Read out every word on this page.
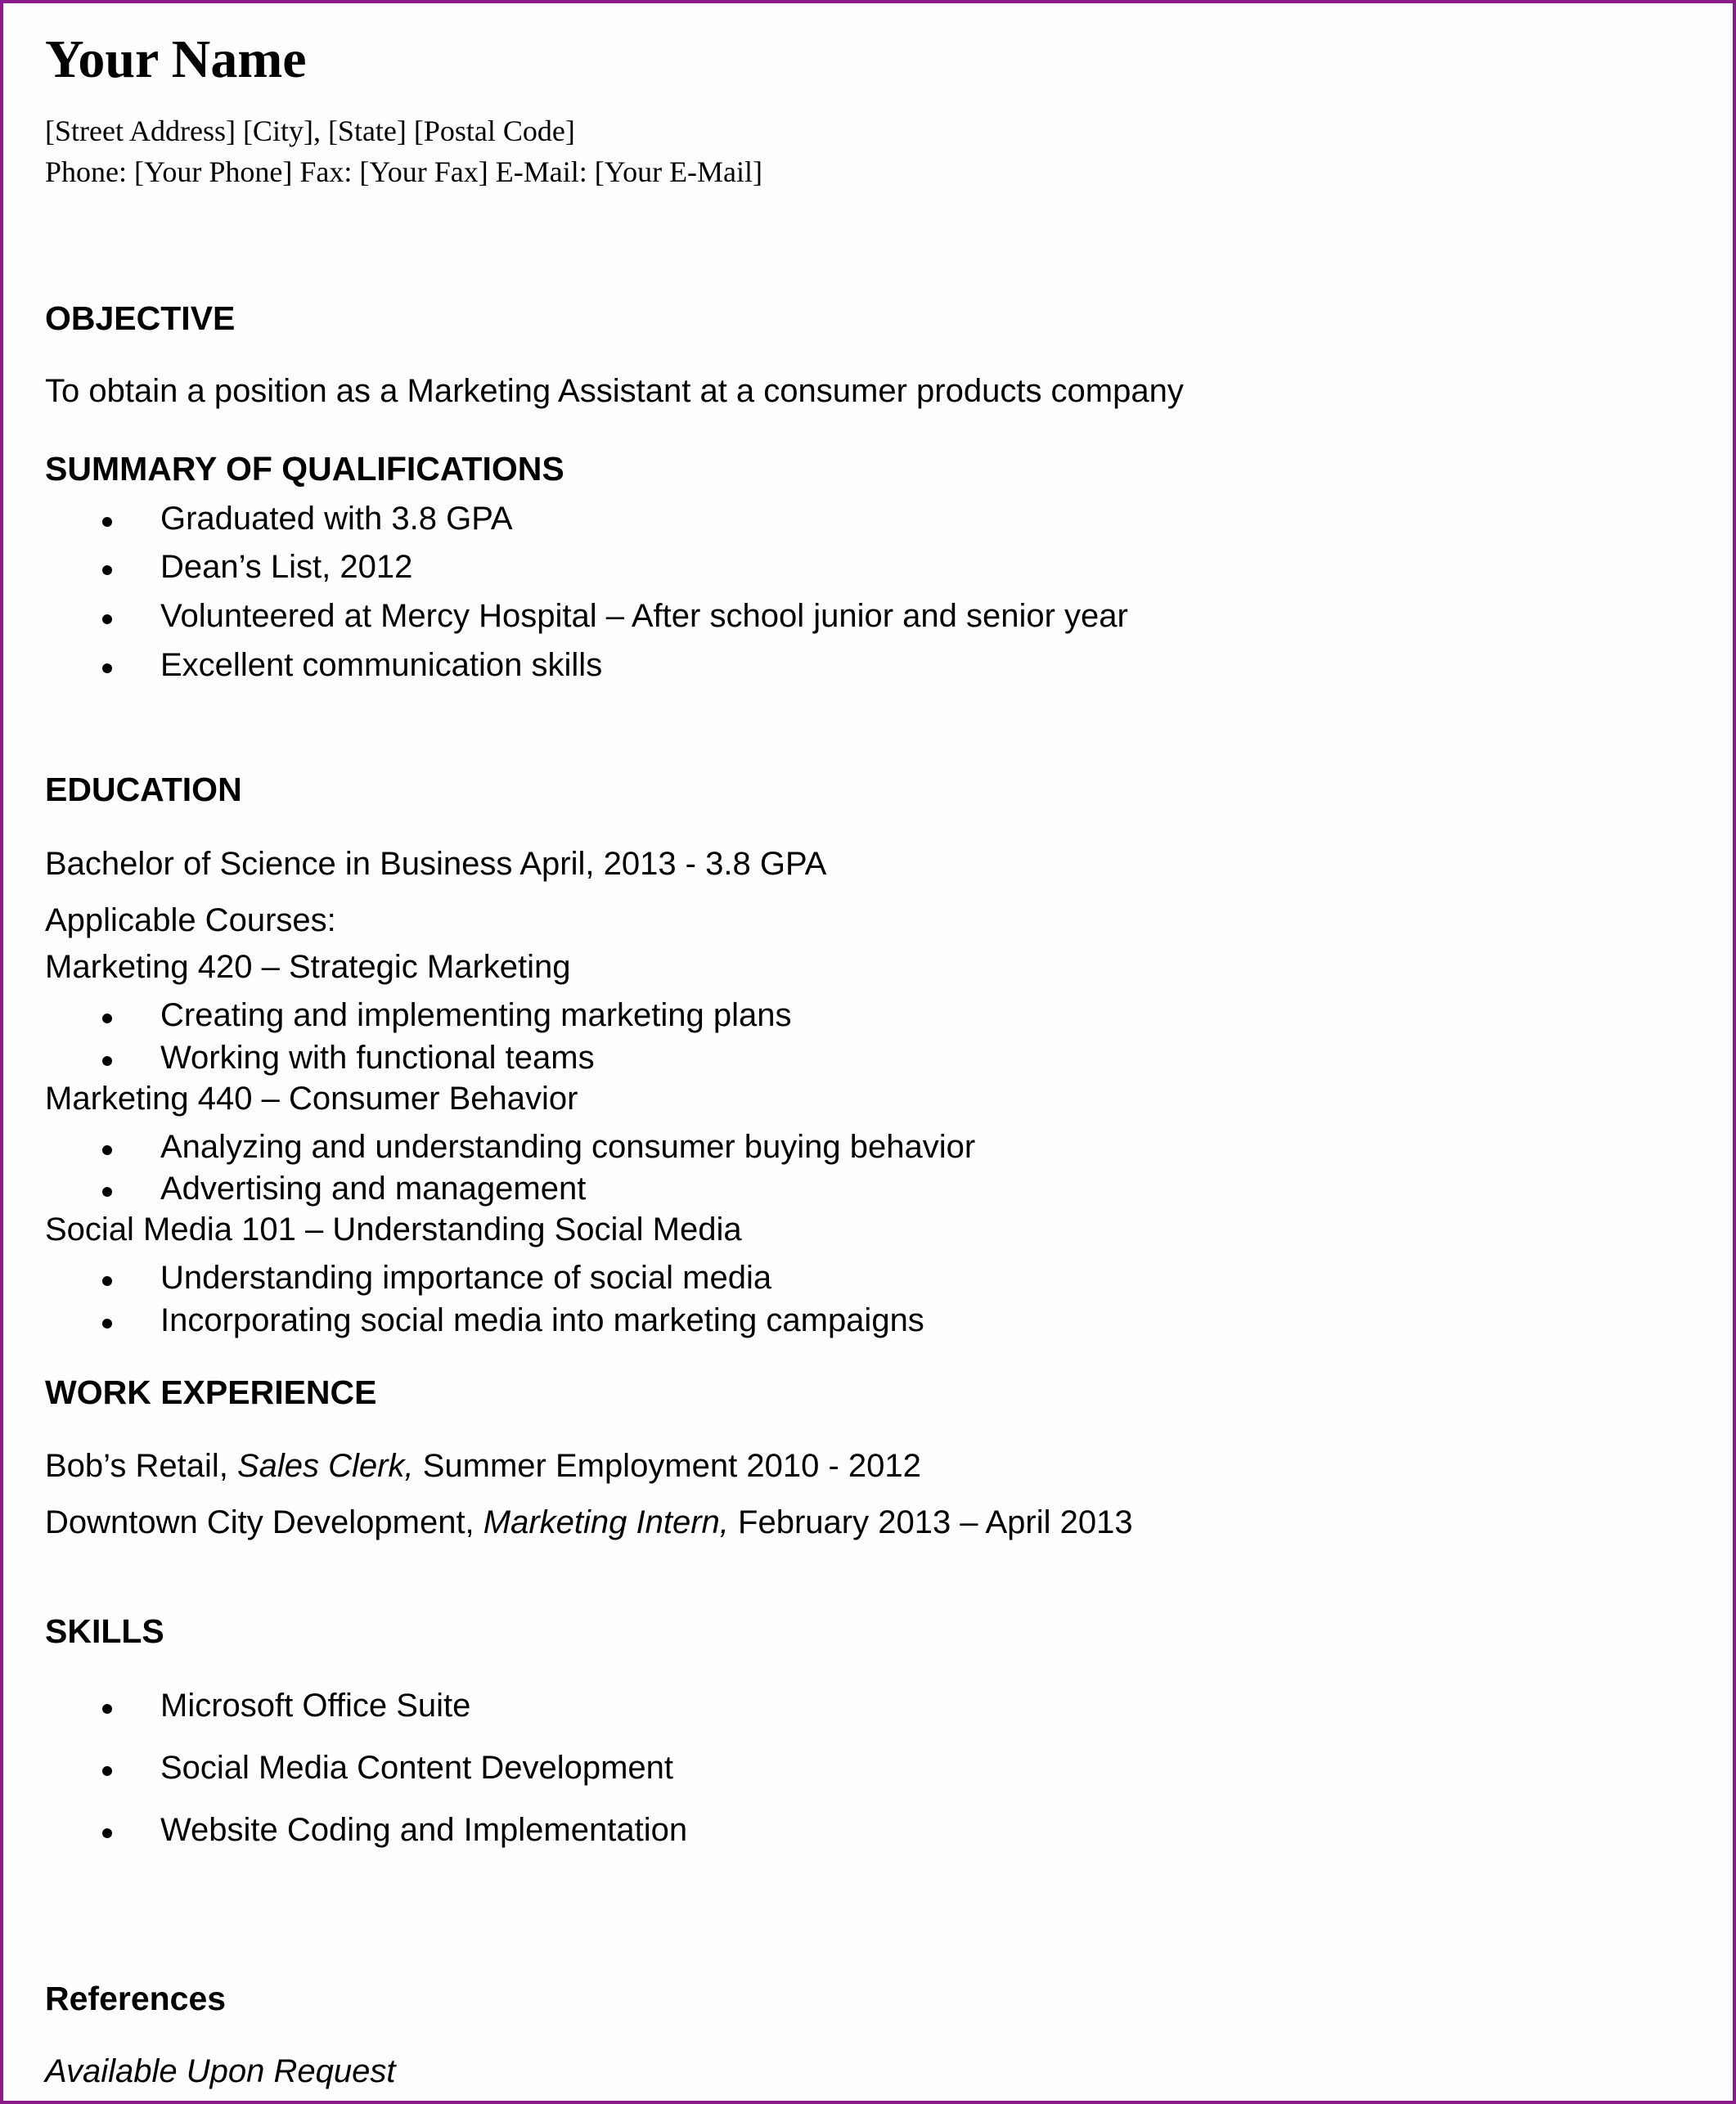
Your Name
[Street Address] [City], [State] [Postal Code]
Phone: [Your Phone] Fax: [Your Fax] E-Mail: [Your E-Mail]
OBJECTIVE
To obtain a position as a Marketing Assistant at a consumer products company
SUMMARY OF QUALIFICATIONS
Graduated with 3.8 GPA
Dean’s List, 2012
Volunteered at Mercy Hospital – After school junior and senior year
Excellent communication skills
EDUCATION
Bachelor of Science in Business April, 2013 - 3.8 GPA
Applicable Courses:
Marketing 420 – Strategic Marketing
Creating and implementing marketing plans
Working with functional teams
Marketing 440 – Consumer Behavior
Analyzing and understanding consumer buying behavior
Advertising and management
Social Media 101 – Understanding Social Media
Understanding importance of social media
Incorporating social media into marketing campaigns
WORK EXPERIENCE
Bob’s Retail, Sales Clerk, Summer Employment 2010 - 2012
Downtown City Development, Marketing Intern, February 2013 – April 2013
SKILLS
Microsoft Office Suite
Social Media Content Development
Website Coding and Implementation
References
Available Upon Request
